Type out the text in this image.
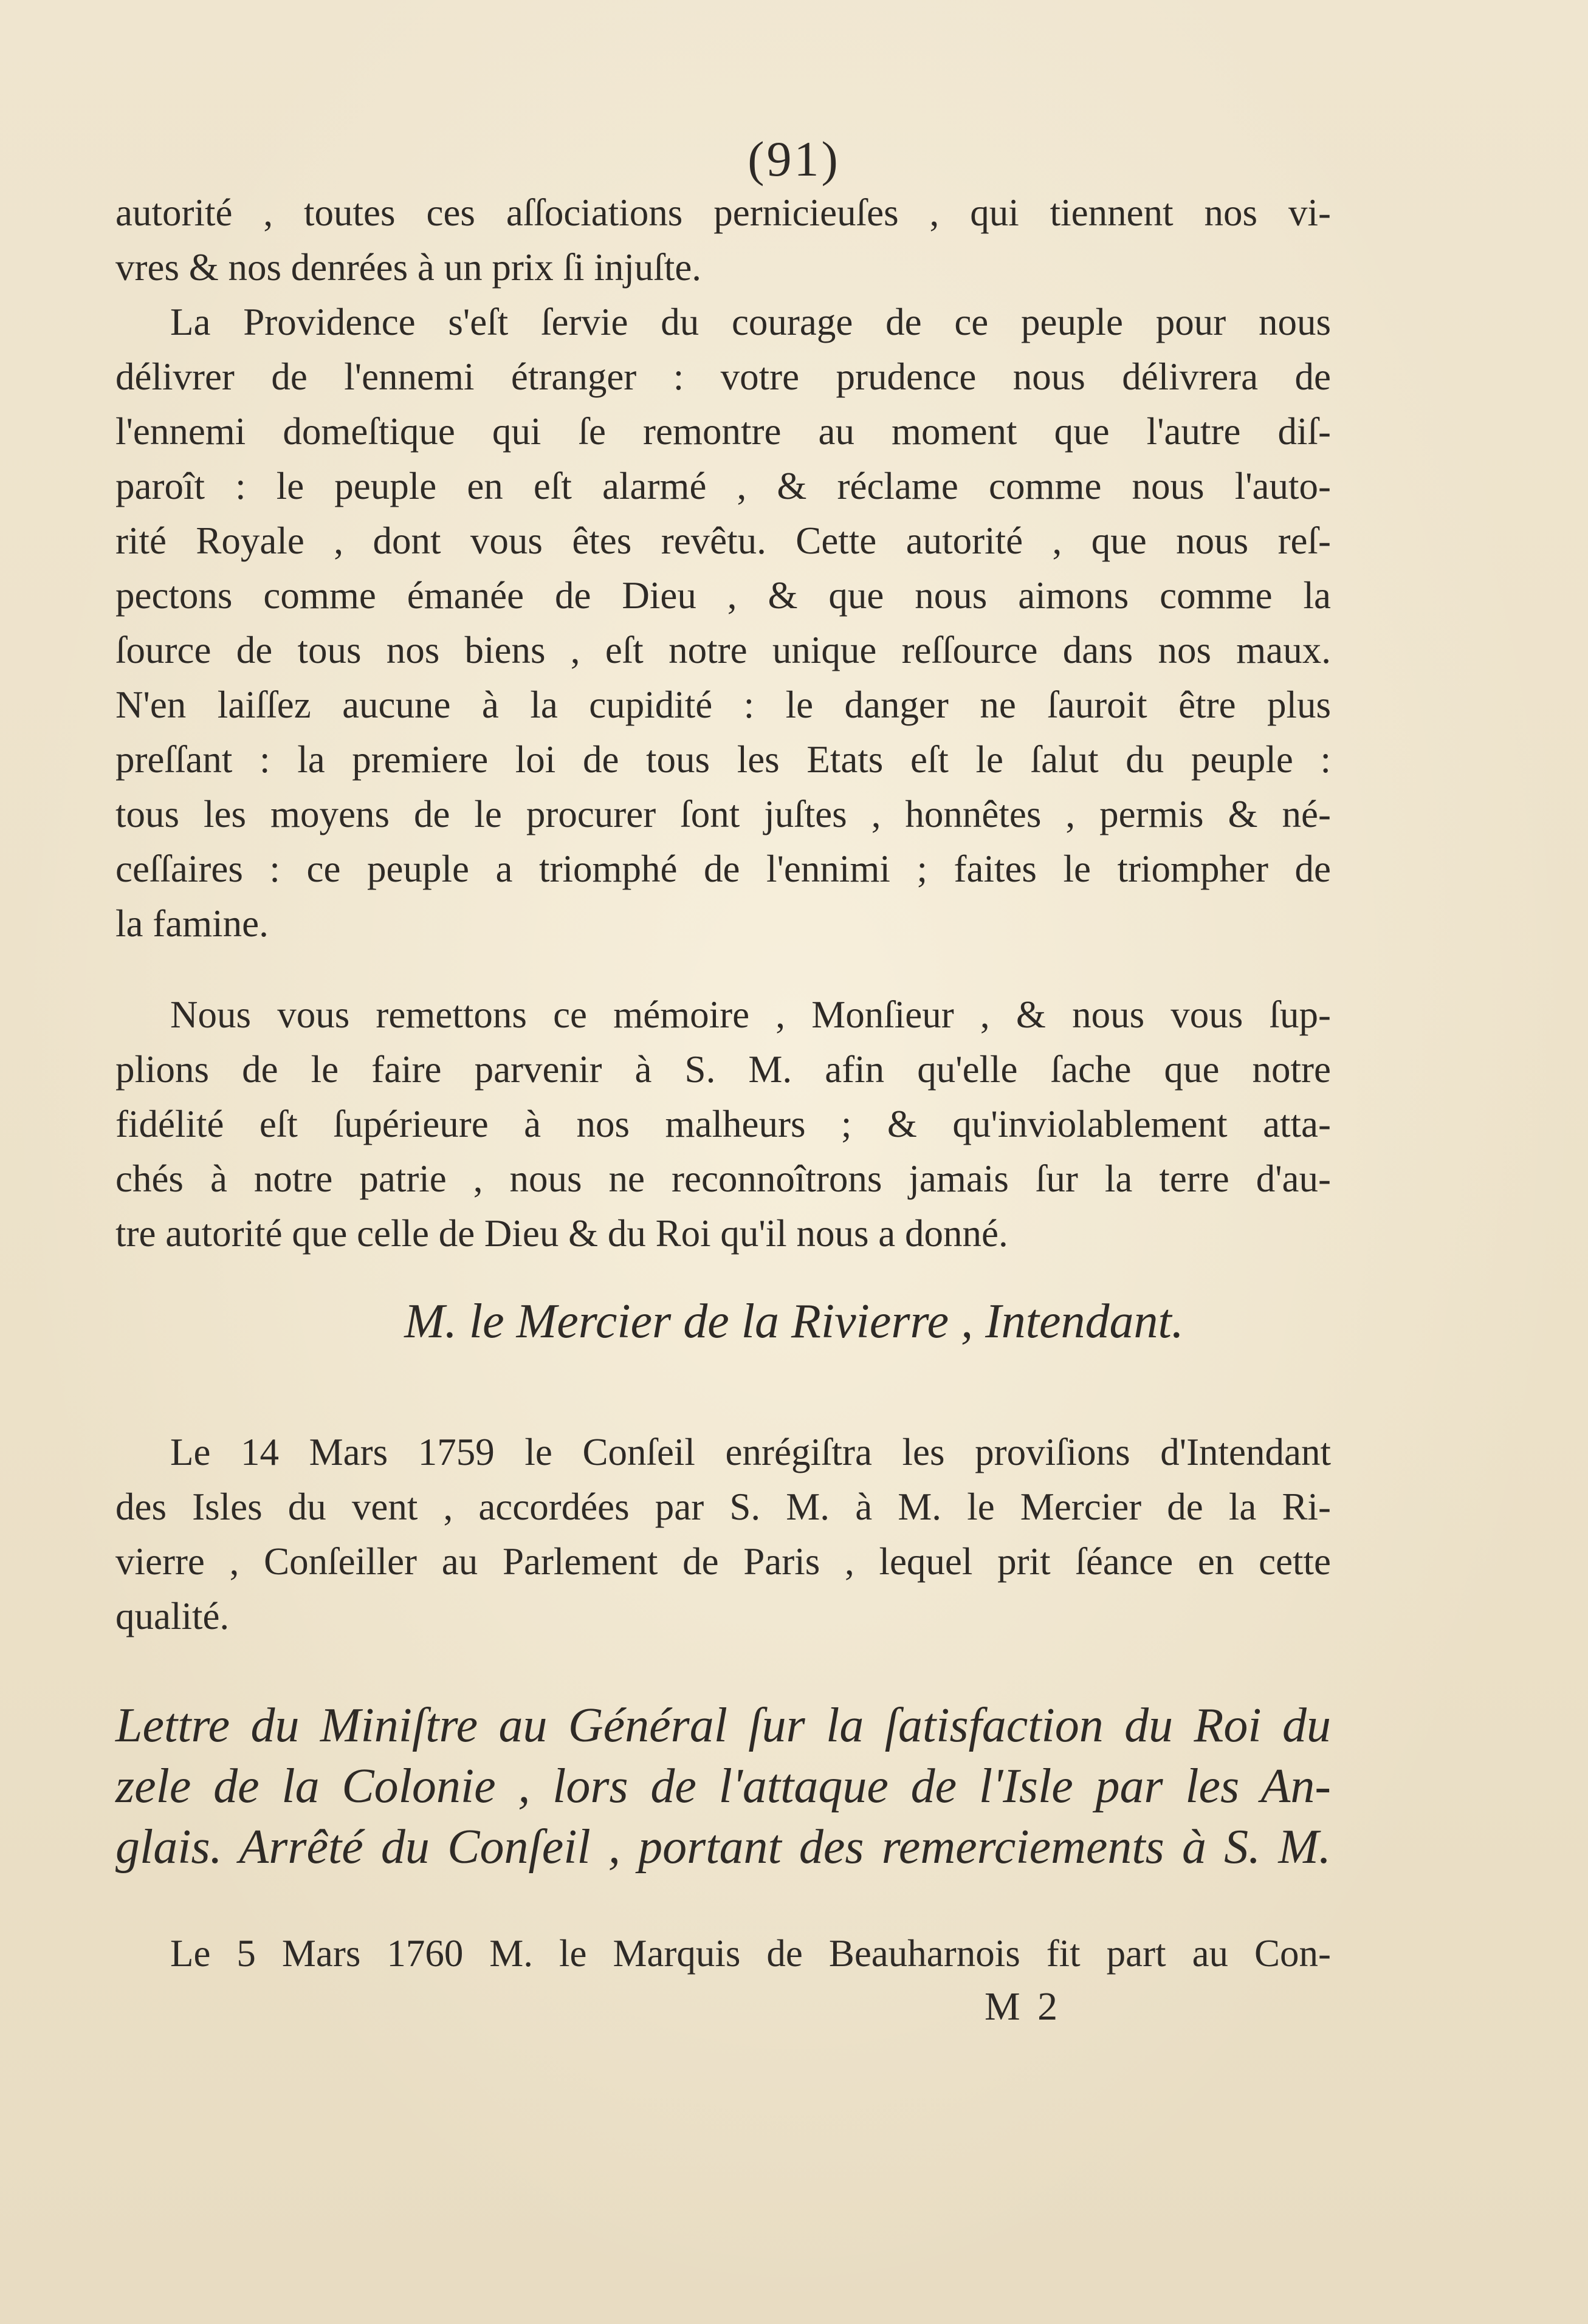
(91)
autorité , toutes ces aſſociations pernicieuſes , qui tiennent nos vi-
vres & nos denrées à un prix ſi injuſte.
La Providence s'eſt ſervie du courage de ce peuple pour nous
délivrer de l'ennemi étranger : votre prudence nous délivrera de
l'ennemi domeſtique qui ſe remontre au moment que l'autre diſ-
paroît : le peuple en eſt alarmé , & réclame comme nous l'auto-
rité Royale , dont vous êtes revêtu. Cette autorité , que nous reſ-
pectons comme émanée de Dieu , & que nous aimons comme la
ſource de tous nos biens , eſt notre unique reſſource dans nos maux.
N'en laiſſez aucune à la cupidité : le danger ne ſauroit être plus
preſſant : la premiere loi de tous les Etats eſt le ſalut du peuple :
tous les moyens de le procurer ſont juſtes , honnêtes , permis & né-
ceſſaires : ce peuple a triomphé de l'ennimi ; faites le triompher de
la famine.
Nous vous remettons ce mémoire , Monſieur , & nous vous ſup-
plions de le faire parvenir à S. M. afin qu'elle ſache que notre
fidélité eſt ſupérieure à nos malheurs ; & qu'inviolablement atta-
chés à notre patrie , nous ne reconnoîtrons jamais ſur la terre d'au-
tre autorité que celle de Dieu & du Roi qu'il nous a donné.
M. le Mercier de la Rivierre , Intendant.
Le 14 Mars 1759 le Conſeil enrégiſtra les proviſions d'Intendant
des Isles du vent , accordées par S. M. à M. le Mercier de la Ri-
vierre , Conſeiller au Parlement de Paris , lequel prit ſéance en cette
qualité.
Lettre du Miniſtre au Général ſur la ſatisfaction du Roi du
zele de la Colonie , lors de l'attaque de l'Isle par les An-
glais. Arrêté du Conſeil , portant des remerciements à S. M.
Le 5 Mars 1760 M. le Marquis de Beauharnois fit part au Con-
M 2
